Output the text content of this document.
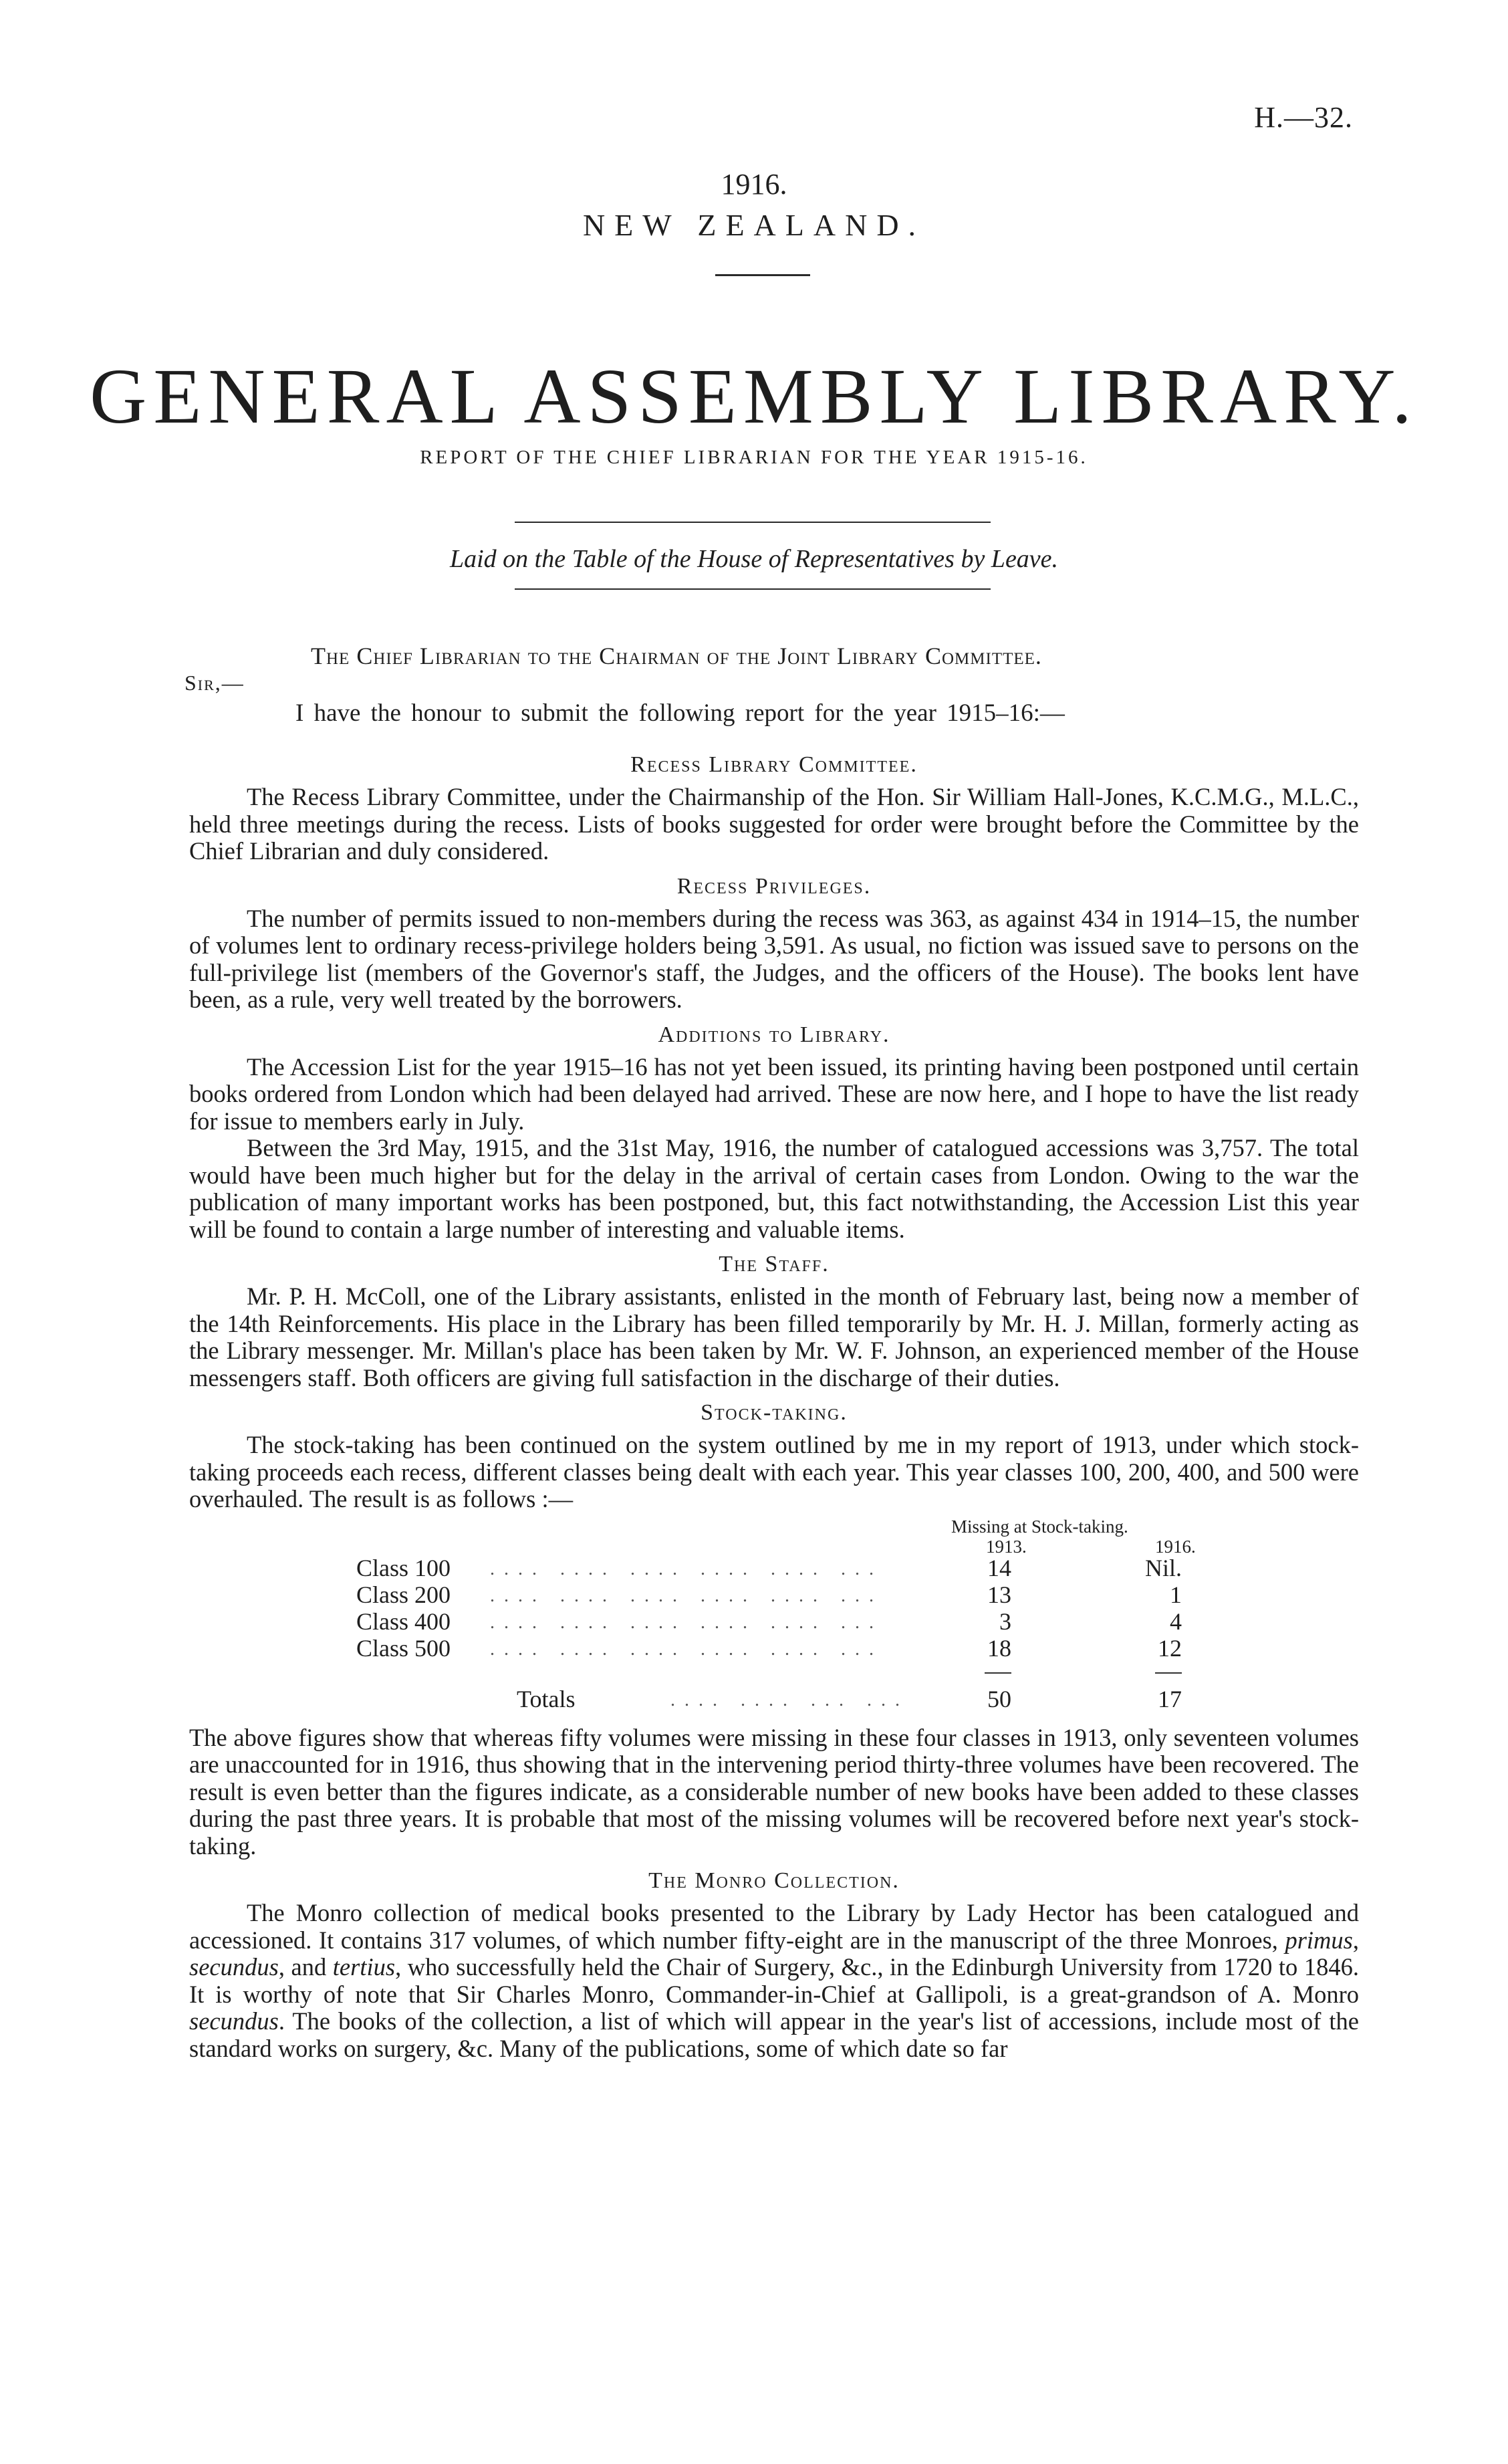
H.—32.
1916.
NEW ZEALAND.
GENERAL ASSEMBLY LIBRARY.
REPORT OF THE CHIEF LIBRARIAN FOR THE YEAR 1915-16.
Laid on the Table of the House of Representatives by Leave.
The Chief Librarian to the Chairman of the Joint Library Committee.
Sir,—
I have the honour to submit the following report for the year 1915–16:—
Recess Library Committee.

The Recess Library Committee, under the Chairmanship of the Hon. Sir William Hall-Jones, K.C.M.G., M.L.C., held three meetings during the recess. Lists of books suggested for order were brought before the Committee by the Chief Librarian and duly considered.

Recess Privileges.

The number of permits issued to non-members during the recess was 363, as against 434 in 1914–15, the number of volumes lent to ordinary recess-privilege holders being 3,591. As usual, no fiction was issued save to persons on the full-privilege list (members of the Governor's staff, the Judges, and the officers of the House). The books lent have been, as a rule, very well treated by the borrowers.

Additions to Library.

The Accession List for the year 1915–16 has not yet been issued, its printing having been postponed until certain books ordered from London which had been delayed had arrived. These are now here, and I hope to have the list ready for issue to members early in July.

Between the 3rd May, 1915, and the 31st May, 1916, the number of catalogued accessions was 3,757. The total would have been much higher but for the delay in the arrival of certain cases from London. Owing to the war the publication of many important works has been postponed, but, this fact notwithstanding, the Accession List this year will be found to contain a large number of interesting and valuable items.

The Staff.

Mr. P. H. McColl, one of the Library assistants, enlisted in the month of February last, being now a member of the 14th Reinforcements. His place in the Library has been filled temporarily by Mr. H. J. Millan, formerly acting as the Library messenger. Mr. Millan's place has been taken by Mr. W. F. Johnson, an experienced member of the House messengers staff. Both officers are giving full satisfaction in the discharge of their duties.

Stock-taking.

The stock-taking has been continued on the system outlined by me in my report of 1913, under which stock-taking proceeds each recess, different classes being dealt with each year. This year classes 100, 200, 400, and 500 were overhauled. The result is as follows :—

Missing at Stock-taking.
1913.	1916.
Class 100 .... .... .... .... .... ...	14	Nil.
Class 200 .... .... .... .... .... ...	13	1
Class 400 .... .... .... .... .... ...	3	4
Class 500 .... .... .... .... .... ...	18	12
Totals	.... .... ... ...	50	17

The above figures show that whereas fifty volumes were missing in these four classes in 1913, only seventeen volumes are unaccounted for in 1916, thus showing that in the intervening period thirty-three volumes have been recovered. The result is even better than the figures indicate, as a considerable number of new books have been added to these classes during the past three years. It is probable that most of the missing volumes will be recovered before next year's stock-taking.

The Monro Collection.

The Monro collection of medical books presented to the Library by Lady Hector has been catalogued and accessioned. It contains 317 volumes, of which number fifty-eight are in the manuscript of the three Monroes, primus, secundus, and tertius, who successfully held the Chair of Surgery, &c., in the Edinburgh University from 1720 to 1846. It is worthy of note that Sir Charles Monro, Commander-in-Chief at Gallipoli, is a great-grandson of A. Monro secundus. The books of the collection, a list of which will appear in the year's list of accessions, include most of the standard works on surgery, &c. Many of the publications, some of which date so far
